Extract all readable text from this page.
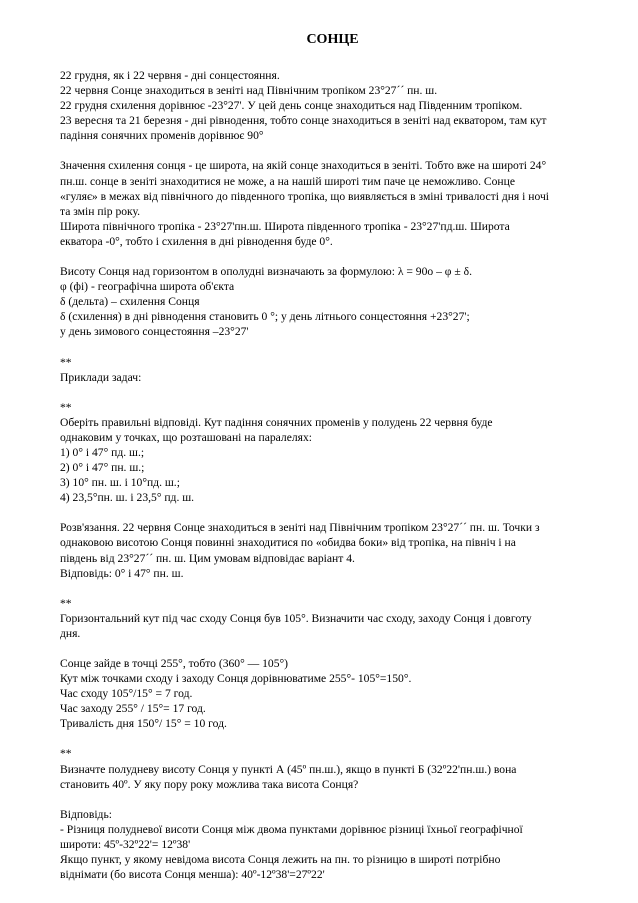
СОНЦЕ
22 грудня, як і 22 червня - дні сонцестояння.
22 червня Сонце знаходиться в зеніті над Північним тропіком 23°27´´ пн. ш.
22 грудня схилення дорівнює -23°27'. У цей день сонце знаходиться над Південним тропіком.
23 вересня та 21 березня - дні рівнодення, тобто сонце знаходиться в зеніті над екватором, там кут
падіння сонячних променів дорівнює 90°
Значення схилення сонця - це широта, на якій сонце знаходиться в зеніті. Тобто вже на широті 24°
пн.ш. сонце в зеніті знаходитися не може, а на нашій широті тим паче це неможливо. Сонце
«гуляє» в межах від північного до південного тропіка, що виявляється в зміні тривалості дня і ночі
та змін пір року.
Широта північного тропіка - 23°27'пн.ш. Широта південного тропіка - 23°27'пд.ш. Широта
екватора -0°, тобто і схилення в дні рівнодення буде 0°.
Висоту Сонця над горизонтом в опoлудні визначають за формулою: λ = 90о – φ ± δ.
φ (фі) - географічна широта об'єкта
δ (дельта) – схилення Сонця
δ (схилення) в дні рівнодення становить 0 °; у день літнього сонцестояння +23°27';
у день зимового сонцестояння –23°27'
**
Приклади задач:
**
Оберіть правильні відповіді. Кут падіння сонячних променів у полудень 22 червня буде
однаковим у точках, що розташовані на паралелях:
1) 0° і 47° пд. ш.;
2) 0° і 47° пн. ш.;
3) 10° пн. ш. і 10°пд. ш.;
4) 23,5°пн. ш. і 23,5° пд. ш.
Розв'язання. 22 червня Сонце знаходиться в зеніті над Північним тропіком 23°27´´ пн. ш. Точки з
однаковою висотою Сонця повинні знаходитися по «обидва боки» від тропіка, на північ і на
південь від 23°27´´ пн. ш. Цим умовам відповідає варіант 4.
Відповідь: 0° і 47° пн. ш.
**
Горизонтальний кут під час сходу Сонця був 105°. Визначити час сходу, заходу Сонця і довготу
дня.
Сонце зайде в точці 255°, тобто (360° — 105°)
Кут між точками сходу і заходу Сонця дорівнюватиме 255°- 105°=150°.
Час сходу 105°/15° = 7 год.
Час заходу 255° / 15°= 17 год.
Тривалість дня 150°/ 15° = 10 год.
**
Визначте полудневу висоту Сонця у пункті А (45º пн.ш.), якщо в пункті Б (32º22'пн.ш.) вона
становить 40º. У яку пору року можлива така висота Сонця?
Відповідь:
- Різниця полудневої висоти Сонця між двома пунктами дорівнює різниці їхньої географічної
широти: 45º-32º22'= 12º38'
Якщо пункт, у якому невідома висота Сонця лежить на пн. то різницю в широті потрібно
віднімати (бо висота Сонця менша): 40º-12º38'=27º22'
